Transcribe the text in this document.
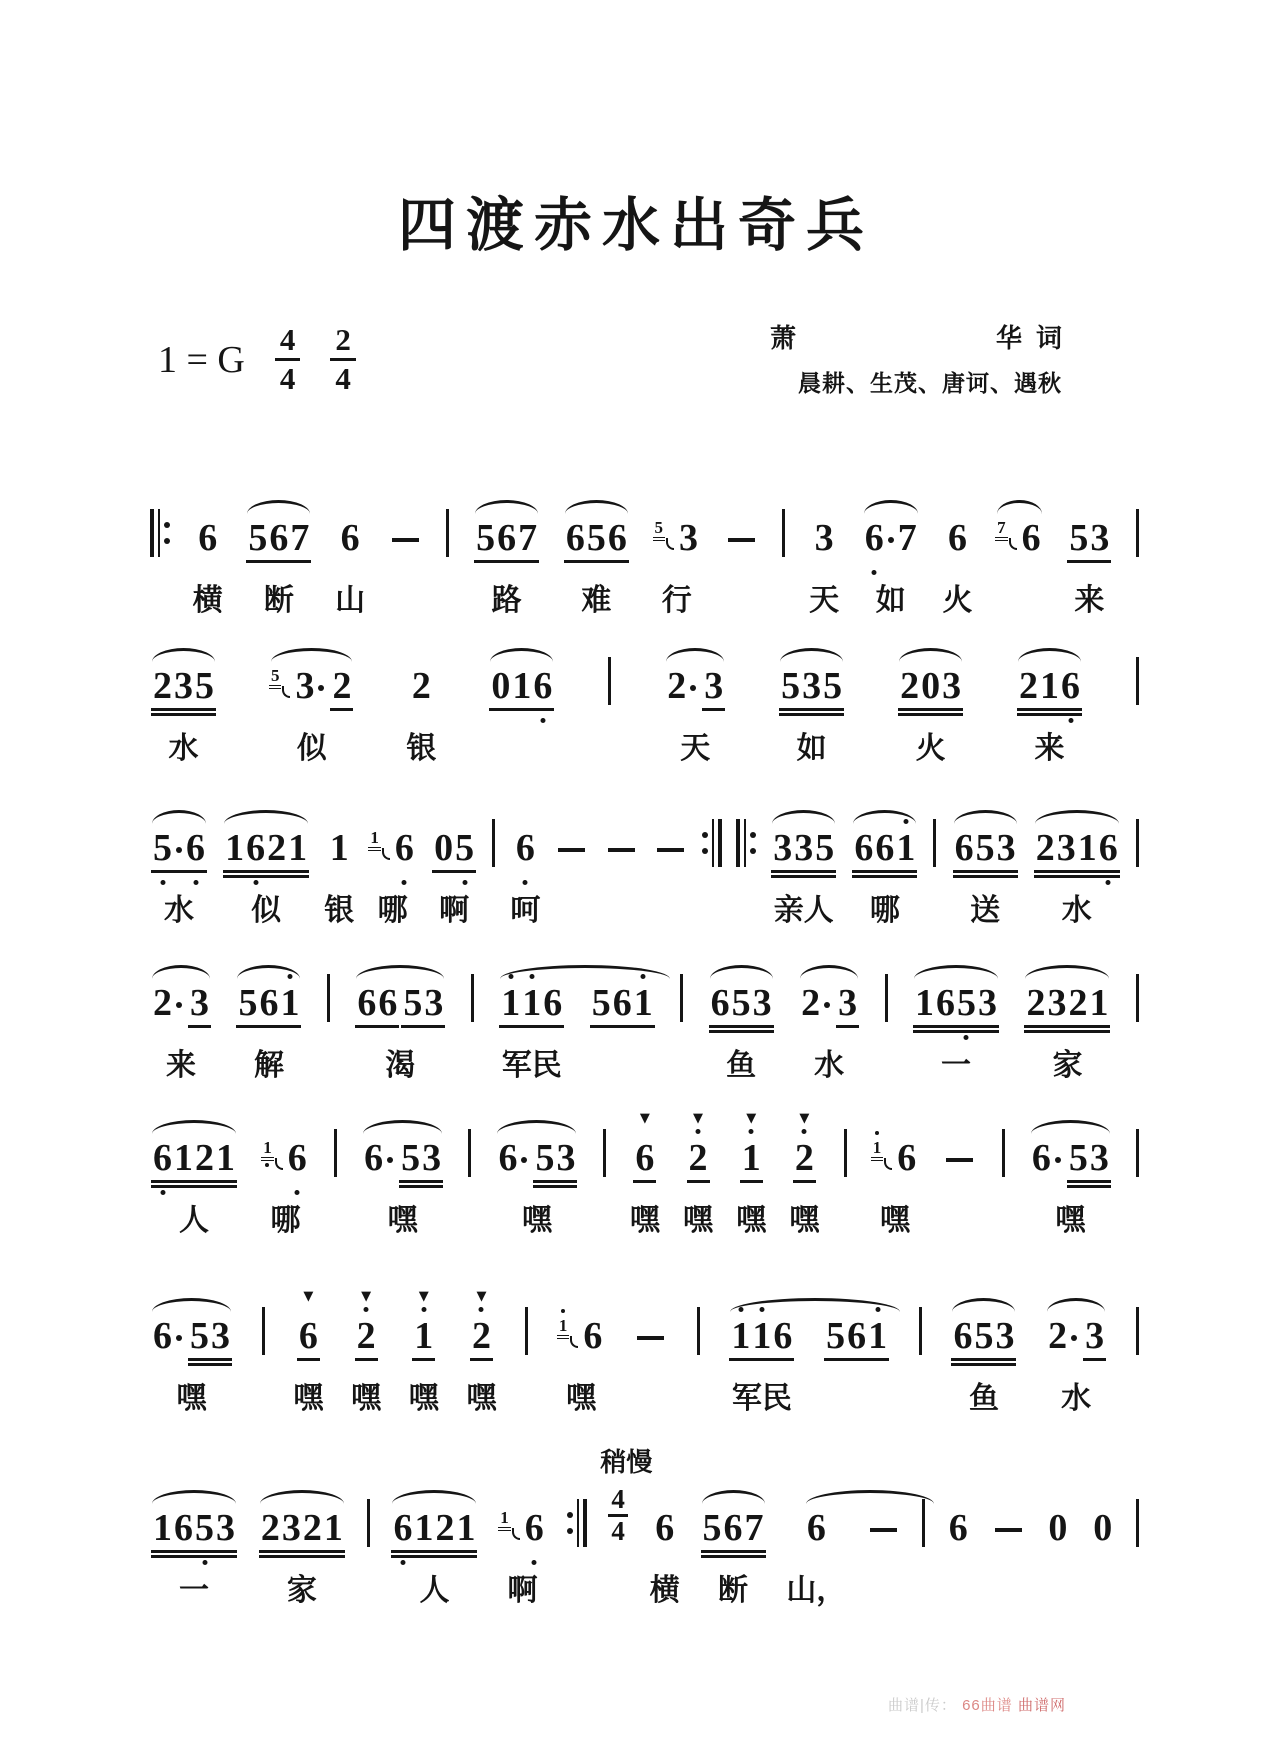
四渡赤水出奇兵
1 = G $\frac{4}{4} \frac{2}{4}$	萧	华 词
晨耕、生茂、唐诃、遇秋
6
横
5 6 7
断
6
山
5 6 7
路
6 5 6
难
5 3
行
3
天
6 7
如
6
火
7 6 5 3
来
2 3 5
水
5 3 2
似
2
银
0 1 6	2 3
天
5 3 5
如
2 0 3
火
2 1 6
来
5 6
水
1 6 2 1
似
1
银
1 6
哪
0 5
啊
6
呵
3 3 5
亲人
6 6 1
哪
6 5 3
送
2 3 1 6
水
2 3
来
5 6 1
解
6 6 5 3
渴
1 1 6
军民
5 6 1 6 5 3
鱼
2 3
水
1 6 5 3
一
2 3 2 1
家
6 1 2 1
人
1 6
哪
6 5 3
嘿
6 5 3
嘿
6
▼
嘿
2
▼
嘿
1
▼
嘿
2
▼
嘿
1 6
嘿
6 5 3
嘿
6 5 3
嘿
6
▼
嘿
2
▼
嘿
1
▼
嘿
2
▼
嘿
1 6
嘿
1 1 6
军民
5 6 1 6 5 3
鱼
2 3
水
1 6 5 3
一
2 3 2 1
家
6 1 2 1
人
1 6
啊
稍慢
4
4 6
横
5 6 7
断
6
山，
6 0 0
曲谱|传： 66曲谱 曲谱网
